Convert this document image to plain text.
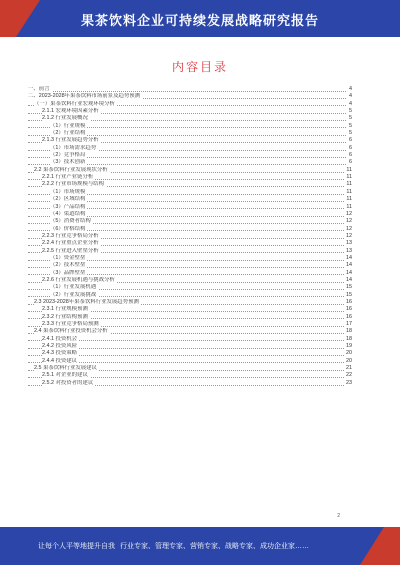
果茶饮料企业可持续发展战略研究报告
内容目录
一、前言	4
二、2023-2028年果茶饮料市场前景及趋势预测	4
（一）果茶饮料行业宏观环境分析	4
2.1.1 宏观环境因素分析	5
2.1.2 行业发展概况	5
（1）行业规模	5
（2）行业结构	5
2.1.3 行业发展趋势分析	6
（1）市场需求趋势	6
（2）竞争格局	6
（3）技术创新	6
2.2 果茶饮料行业发展现状分析	11
2.2.1 行业产业链分析	11
2.2.2 行业市场规模与结构	11
（1）市场规模	11
（2）区域结构	11
（3）产品结构	11
（4）渠道结构	12
（5）消费者结构	12
（6）价格结构	12
2.2.3 行业竞争格局分析	12
2.2.4 行业重点企业分析	13
2.2.5 行业进入壁垒分析	13
（1）资金壁垒	14
（2）技术壁垒	14
（3）品牌壁垒	14
2.2.6 行业发展机遇与挑战分析	14
（1）行业发展机遇	15
（2）行业发展挑战	15
2.3 2023-2028年果茶饮料行业发展趋势预测	16
2.3.1 行业规模预测	16
2.3.2 行业结构预测	16
2.3.3 行业竞争格局预测	17
2.4 果茶饮料行业投资机会分析	18
2.4.1 投资机会	18
2.4.2 投资风险	19
2.4.3 投资策略	20
2.4.4 投资建议	20
2.5 果茶饮料行业发展建议	21
2.5.1 对企业的建议	22
2.5.2 对投资者的建议	23
2
让每个人平等地提升自我 行业专家、管理专家、营销专家、战略专家、成功企业家……
